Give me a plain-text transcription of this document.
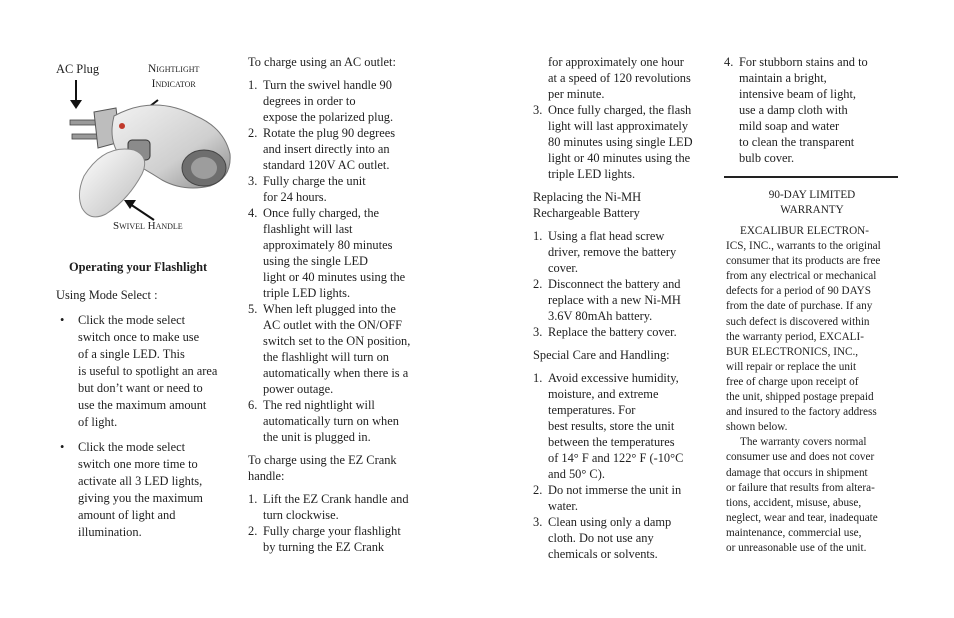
AC Plug	Nightlight
Indicator
Swivel Handle
Operating your Flashlight
Using Mode Select :
• Click the mode select
switch once to make use
of a single LED. This
is useful to spotlight an area
but don’t want or need to
use the maximum amount
of light.
• Click the mode select
switch one more time to
activate all 3 LED lights,
giving you the maximum
amount of light and
illumination.
To charge using an AC outlet:
1. Turn the swivel handle 90
degrees in order to
expose the polarized plug.
2. Rotate the plug 90 degrees
and insert directly into an
standard 120V AC outlet.
3. Fully charge the unit
for 24 hours.
4. Once fully charged, the
flashlight will last
approximately 80 minutes
using the single LED
light or 40 minutes using the
triple LED lights.
5. When left plugged into the
AC outlet with the ON/OFF
switch set to the ON position,
the flashlight will turn on
automatically when there is a
power outage.
6. The red nightlight will
automatically turn on when
the unit is plugged in.
To charge using the EZ Crank
handle:
1. Lift the EZ Crank handle and
turn clockwise.
2. Fully charge your flashlight
by turning the EZ Crank
for approximately one hour
at a speed of 120 revolutions
per minute.
3. Once fully charged, the flash
light will last approximately
80 minutes using single LED
light or 40 minutes using the
triple LED lights.
Replacing the Ni-MH
Rechargeable Battery
1. Using a flat head screw
driver, remove the battery
cover.
2. Disconnect the battery and
replace with a new Ni-MH
3.6V 80mAh battery.
3. Replace the battery cover.
Special Care and Handling:
1. Avoid excessive humidity,
moisture, and extreme
temperatures. For
best results, store the unit
between the temperatures
of 14° F and 122° F (-10°C
and 50° C).
2. Do not immerse the unit in
water.
3. Clean using only a damp
cloth. Do not use any
chemicals or solvents.
4. For stubborn stains and to
maintain a bright,
intensive beam of light,
use a damp cloth with
mild soap and water
to clean the transparent
bulb cover.
90-DAY LIMITED
WARRANTY
EXCALIBUR ELECTRON-
ICS, INC., warrants to the original
consumer that its products are free
from any electrical or mechanical
defects for a period of 90 DAYS
from the date of purchase. If any
such defect is discovered within
the warranty period, EXCALI-
BUR ELECTRONICS, INC.,
will repair or replace the unit
free of charge upon receipt of
the unit, shipped postage prepaid
and insured to the factory address
shown below.
The warranty covers normal
consumer use and does not cover
damage that occurs in shipment
or failure that results from altera-
tions, accident, misuse, abuse,
neglect, wear and tear, inadequate
maintenance, commercial use,
or unreasonable use of the unit.
